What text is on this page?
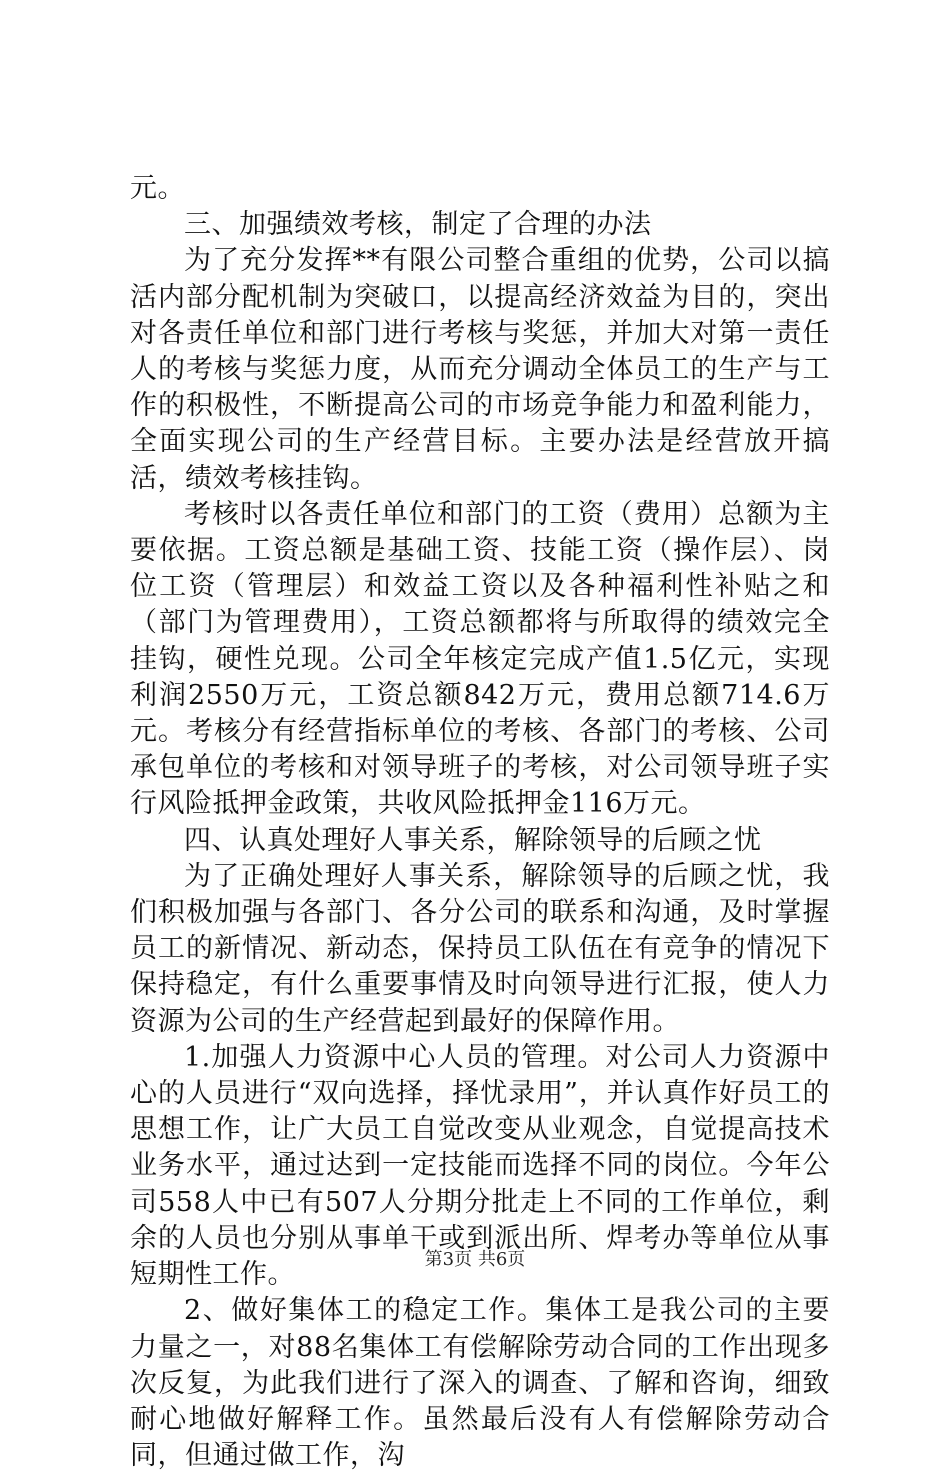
元。

三、加强绩效考核，制定了合理的办法

为了充分发挥**有限公司整合重组的优势，公司以搞活内部分配机制为突破口，以提高经济效益为目的，突出对各责任单位和部门进行考核与奖惩，并加大对第一责任人的考核与奖惩力度，从而充分调动全体员工的生产与工作的积极性，不断提高公司的市场竞争能力和盈利能力，全面实现公司的生产经营目标。主要办法是经营放开搞活，绩效考核挂钩。

考核时以各责任单位和部门的工资（费用）总额为主要依据。工资总额是基础工资、技能工资（操作层）、岗位工资（管理层）和效益工资以及各种福利性补贴之和（部门为管理费用），工资总额都将与所取得的绩效完全挂钩，硬性兑现。公司全年核定完成产值1.5亿元，实现利润2550万元，工资总额842万元，费用总额714.6万元。考核分有经营指标单位的考核、各部门的考核、公司承包单位的考核和对领导班子的考核，对公司领导班子实行风险抵押金政策，共收风险抵押金116万元。

四、认真处理好人事关系，解除领导的后顾之忧

为了正确处理好人事关系，解除领导的后顾之忧，我们积极加强与各部门、各分公司的联系和沟通，及时掌握员工的新情况、新动态，保持员工队伍在有竞争的情况下保持稳定，有什么重要事情及时向领导进行汇报，使人力资源为公司的生产经营起到最好的保障作用。

1.加强人力资源中心人员的管理。对公司人力资源中心的人员进行“双向选择，择忧录用”，并认真作好员工的思想工作，让广大员工自觉改变从业观念，自觉提高技术业务水平，通过达到一定技能而选择不同的岗位。今年公司558人中已有507人分期分批走上不同的工作单位，剩余的人员也分别从事单干或到派出所、焊考办等单位从事短期性工作。

2、做好集体工的稳定工作。集体工是我公司的主要力量之一，对88名集体工有偿解除劳动合同的工作出现多次反复，为此我们进行了深入的调查、了解和咨询，细致耐心地做好解释工作。虽然最后没有人有偿解除劳动合同，但通过做工作，沟

第3页 共6页
